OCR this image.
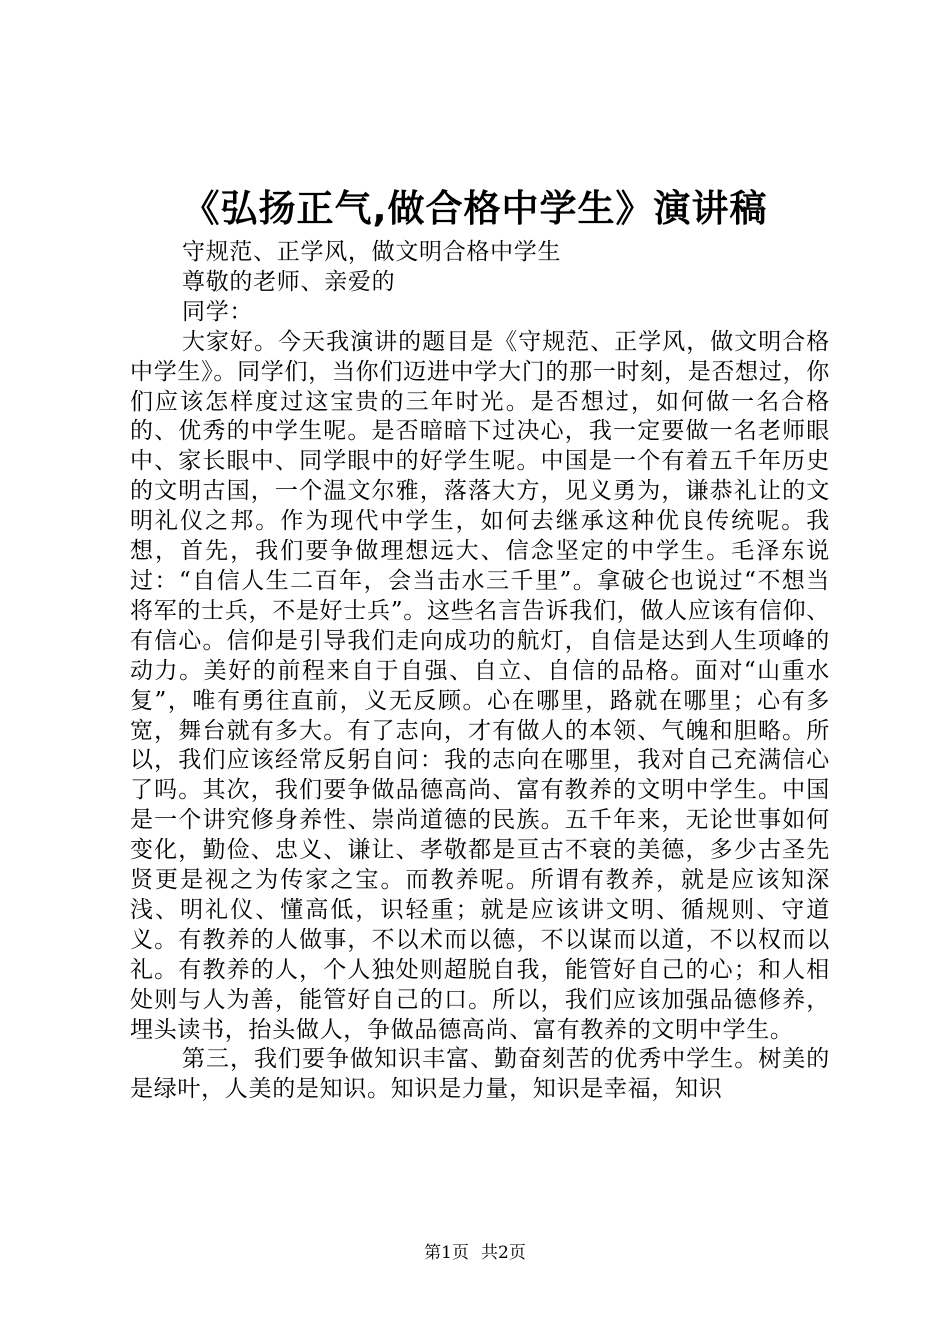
《弘扬正气,做合格中学生》演讲稿

守规范、正学风，做文明合格中学生

尊敬的老师、亲爱的

同学：

大家好。今天我演讲的题目是《守规范、正学风，做文明合格中学生》。同学们，当你们迈进中学大门的那一时刻，是否想过，你们应该怎样度过这宝贵的三年时光。是否想过，如何做一名合格的、优秀的中学生呢。是否暗暗下过决心，我一定要做一名老师眼中、家长眼中、同学眼中的好学生呢。中国是一个有着五千年历史的文明古国，一个温文尔雅，落落大方，见义勇为，谦恭礼让的文明礼仪之邦。作为现代中学生，如何去继承这种优良传统呢。我想，首先，我们要争做理想远大、信念坚定的中学生。毛泽东说过：“自信人生二百年，会当击水三千里”。拿破仑也说过“不想当将军的士兵，不是好士兵”。这些名言告诉我们，做人应该有信仰、有信心。信仰是引导我们走向成功的航灯，自信是达到人生项峰的动力。美好的前程来自于自强、自立、自信的品格。面对“山重水复”，唯有勇往直前，义无反顾。心在哪里，路就在哪里；心有多宽，舞台就有多大。有了志向，才有做人的本领、气魄和胆略。所以，我们应该经常反躬自问：我的志向在哪里，我对自己充满信心了吗。其次，我们要争做品德高尚、富有教养的文明中学生。中国是一个讲究修身养性、崇尚道德的民族。五千年来，无论世事如何变化，勤俭、忠义、谦让、孝敬都是亘古不衰的美德，多少古圣先贤更是视之为传家之宝。而教养呢。所谓有教养，就是应该知深浅、明礼仪、懂高低，识轻重；就是应该讲文明、循规则、守道义。有教养的人做事，不以术而以德，不以谋而以道，不以权而以礼。有教养的人，个人独处则超脱自我，能管好自己的心；和人相处则与人为善，能管好自己的口。所以，我们应该加强品德修养，埋头读书，抬头做人，争做品德高尚、富有教养的文明中学生。

第三，我们要争做知识丰富、勤奋刻苦的优秀中学生。树美的是绿叶，人美的是知识。知识是力量，知识是幸福，知识

第1页 共2页
